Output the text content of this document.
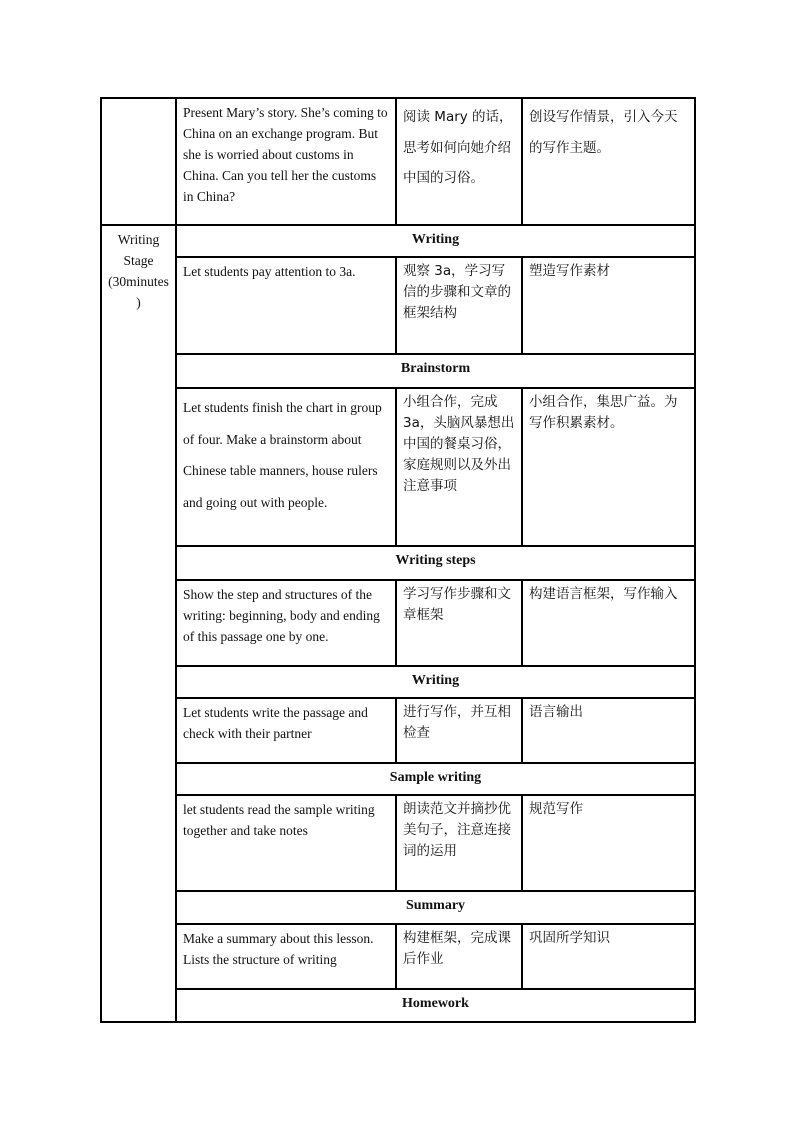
	Present Mary’s story. She’s coming to China on an exchange program. But she is worried about customs in China. Can you tell her the customs in China?	阅读 Mary 的话，思考如何向她介绍中国的习俗。	创设写作情景，引入今天的写作主题。
Writing Stage (30minutes)	Writing		
	Let students pay attention to 3a.	观察 3a，学习写信的步骤和文章的框架结构	塑造写作素材
	Brainstorm		
	Let students finish the chart in group of four. Make a brainstorm about Chinese table manners, house rulers and going out with people.	小组合作，完成 3a，头脑风暴想出中国的餐桌习俗，家庭规则以及外出注意事项	小组合作，集思广益。为写作积累素材。
	Writing steps		
	Show the step and structures of the writing: beginning, body and ending of this passage one by one.	学习写作步骤和文章框架	构建语言框架，写作输入
	Writing		
	Let students write the passage and check with their partner	进行写作，并互相检查	语言输出
	Sample writing		
	let students read the sample writing together and take notes	朗读范文并摘抄优美句子，注意连接词的运用	规范写作
	Summary		
	Make a summary about this lesson. Lists the structure of writing	构建框架，完成课后作业	巩固所学知识
	Homework		
